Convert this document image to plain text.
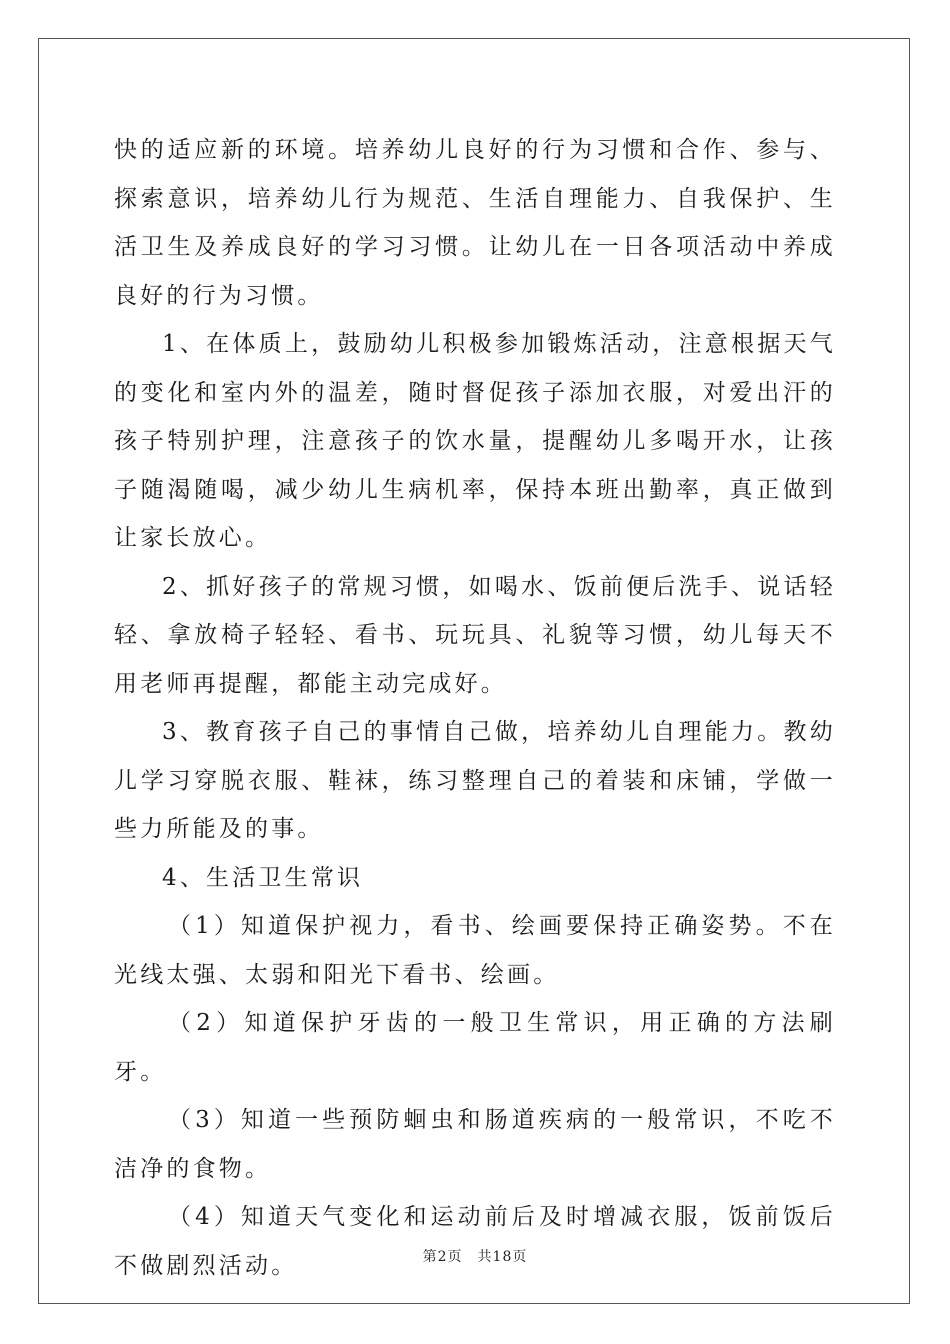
快的适应新的环境。培养幼儿良好的行为习惯和合作、参与、探索意识，培养幼儿行为规范、生活自理能力、自我保护、生活卫生及养成良好的学习习惯。让幼儿在一日各项活动中养成良好的行为习惯。

1、在体质上，鼓励幼儿积极参加锻炼活动，注意根据天气的变化和室内外的温差，随时督促孩子添加衣服，对爱出汗的孩子特别护理，注意孩子的饮水量，提醒幼儿多喝开水，让孩子随渴随喝，减少幼儿生病机率，保持本班出勤率，真正做到让家长放心。

2、抓好孩子的常规习惯，如喝水、饭前便后洗手、说话轻轻、拿放椅子轻轻、看书、玩玩具、礼貌等习惯，幼儿每天不用老师再提醒，都能主动完成好。

3、教育孩子自己的事情自己做，培养幼儿自理能力。教幼儿学习穿脱衣服、鞋袜，练习整理自己的着装和床铺，学做一些力所能及的事。

4、生活卫生常识

（1）知道保护视力，看书、绘画要保持正确姿势。不在光线太强、太弱和阳光下看书、绘画。

（2）知道保护牙齿的一般卫生常识，用正确的方法刷牙。

（3）知道一些预防蛔虫和肠道疾病的一般常识，不吃不洁净的食物。

（4）知道天气变化和运动前后及时增减衣服，饭前饭后不做剧烈活动。	第2页　共18页
